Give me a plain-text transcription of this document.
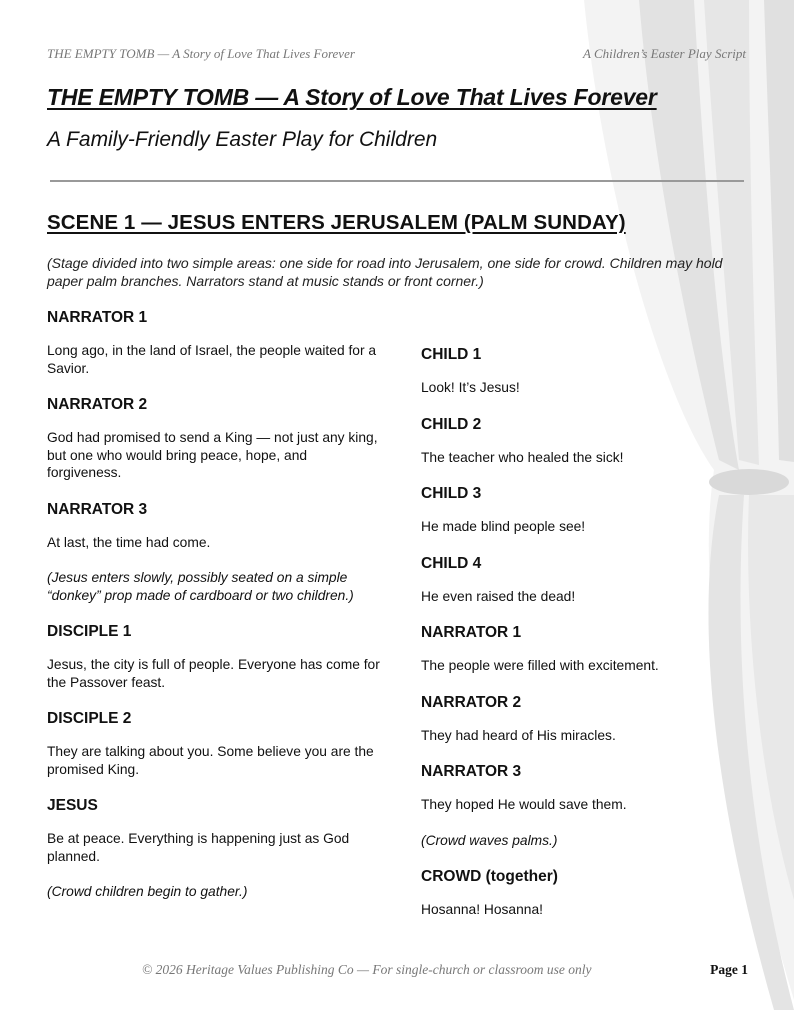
THE EMPTY TOMB — A Story of Love That Lives Forever	A Children’s Easter Play Script
THE EMPTY TOMB — A Story of Love That Lives Forever
A Family-Friendly Easter Play for Children
SCENE 1 — JESUS ENTERS JERUSALEM (PALM SUNDAY)
(Stage divided into two simple areas: one side for road into Jerusalem, one side for crowd. Children may hold paper palm branches. Narrators stand at music stands or front corner.)
NARRATOR 1
Long ago, in the land of Israel, the people waited for a Savior.
NARRATOR 2
God had promised to send a King — not just any king, but one who would bring peace, hope, and forgiveness.
NARRATOR 3
At last, the time had come.
(Jesus enters slowly, possibly seated on a simple “donkey” prop made of cardboard or two children.)
DISCIPLE 1
Jesus, the city is full of people. Everyone has come for the Passover feast.
DISCIPLE 2
They are talking about you. Some believe you are the promised King.
JESUS
Be at peace. Everything is happening just as God planned.
(Crowd children begin to gather.)
CHILD 1
Look! It’s Jesus!
CHILD 2
The teacher who healed the sick!
CHILD 3
He made blind people see!
CHILD 4
He even raised the dead!
NARRATOR 1
The people were filled with excitement.
NARRATOR 2
They had heard of His miracles.
NARRATOR 3
They hoped He would save them.
(Crowd waves palms.)
CROWD (together)
Hosanna! Hosanna!
© 2026 Heritage Values Publishing Co — For single-church or classroom use only	Page 1
